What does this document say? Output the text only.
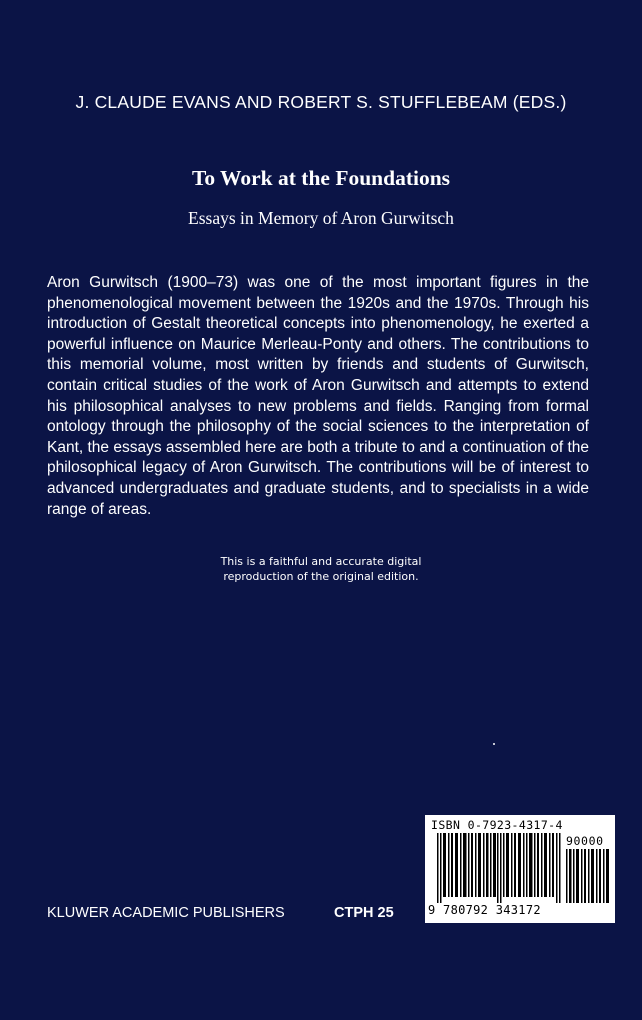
J. CLAUDE EVANS AND ROBERT S. STUFFLEBEAM (EDS.)
To Work at the Foundations
Essays in Memory of Aron Gurwitsch
Aron Gurwitsch (1900–73) was one of the most important figures in the phenomenological movement between the 1920s and the 1970s. Through his introduction of Gestalt theoretical concepts into phenomenology, he exerted a powerful influence on Maurice Merleau-Ponty and others. The contributions to this memorial volume, most written by friends and students of Gurwitsch, contain critical studies of the work of Aron Gurwitsch and attempts to extend his philosophical analyses to new problems and fields. Ranging from formal ontology through the philosophy of the social sciences to the interpretation of Kant, the essays assembled here are both a tribute to and a continuation of the philosophical legacy of Aron Gurwitsch. The contributions will be of interest to advanced undergraduates and graduate students, and to specialists in a wide range of areas.
This is a faithful and accurate digital
reproduction of the original edition.
KLUWER ACADEMIC PUBLISHERS	CTPH 25
ISBN 0-7923-4317-4
90000
9 780792 343172
